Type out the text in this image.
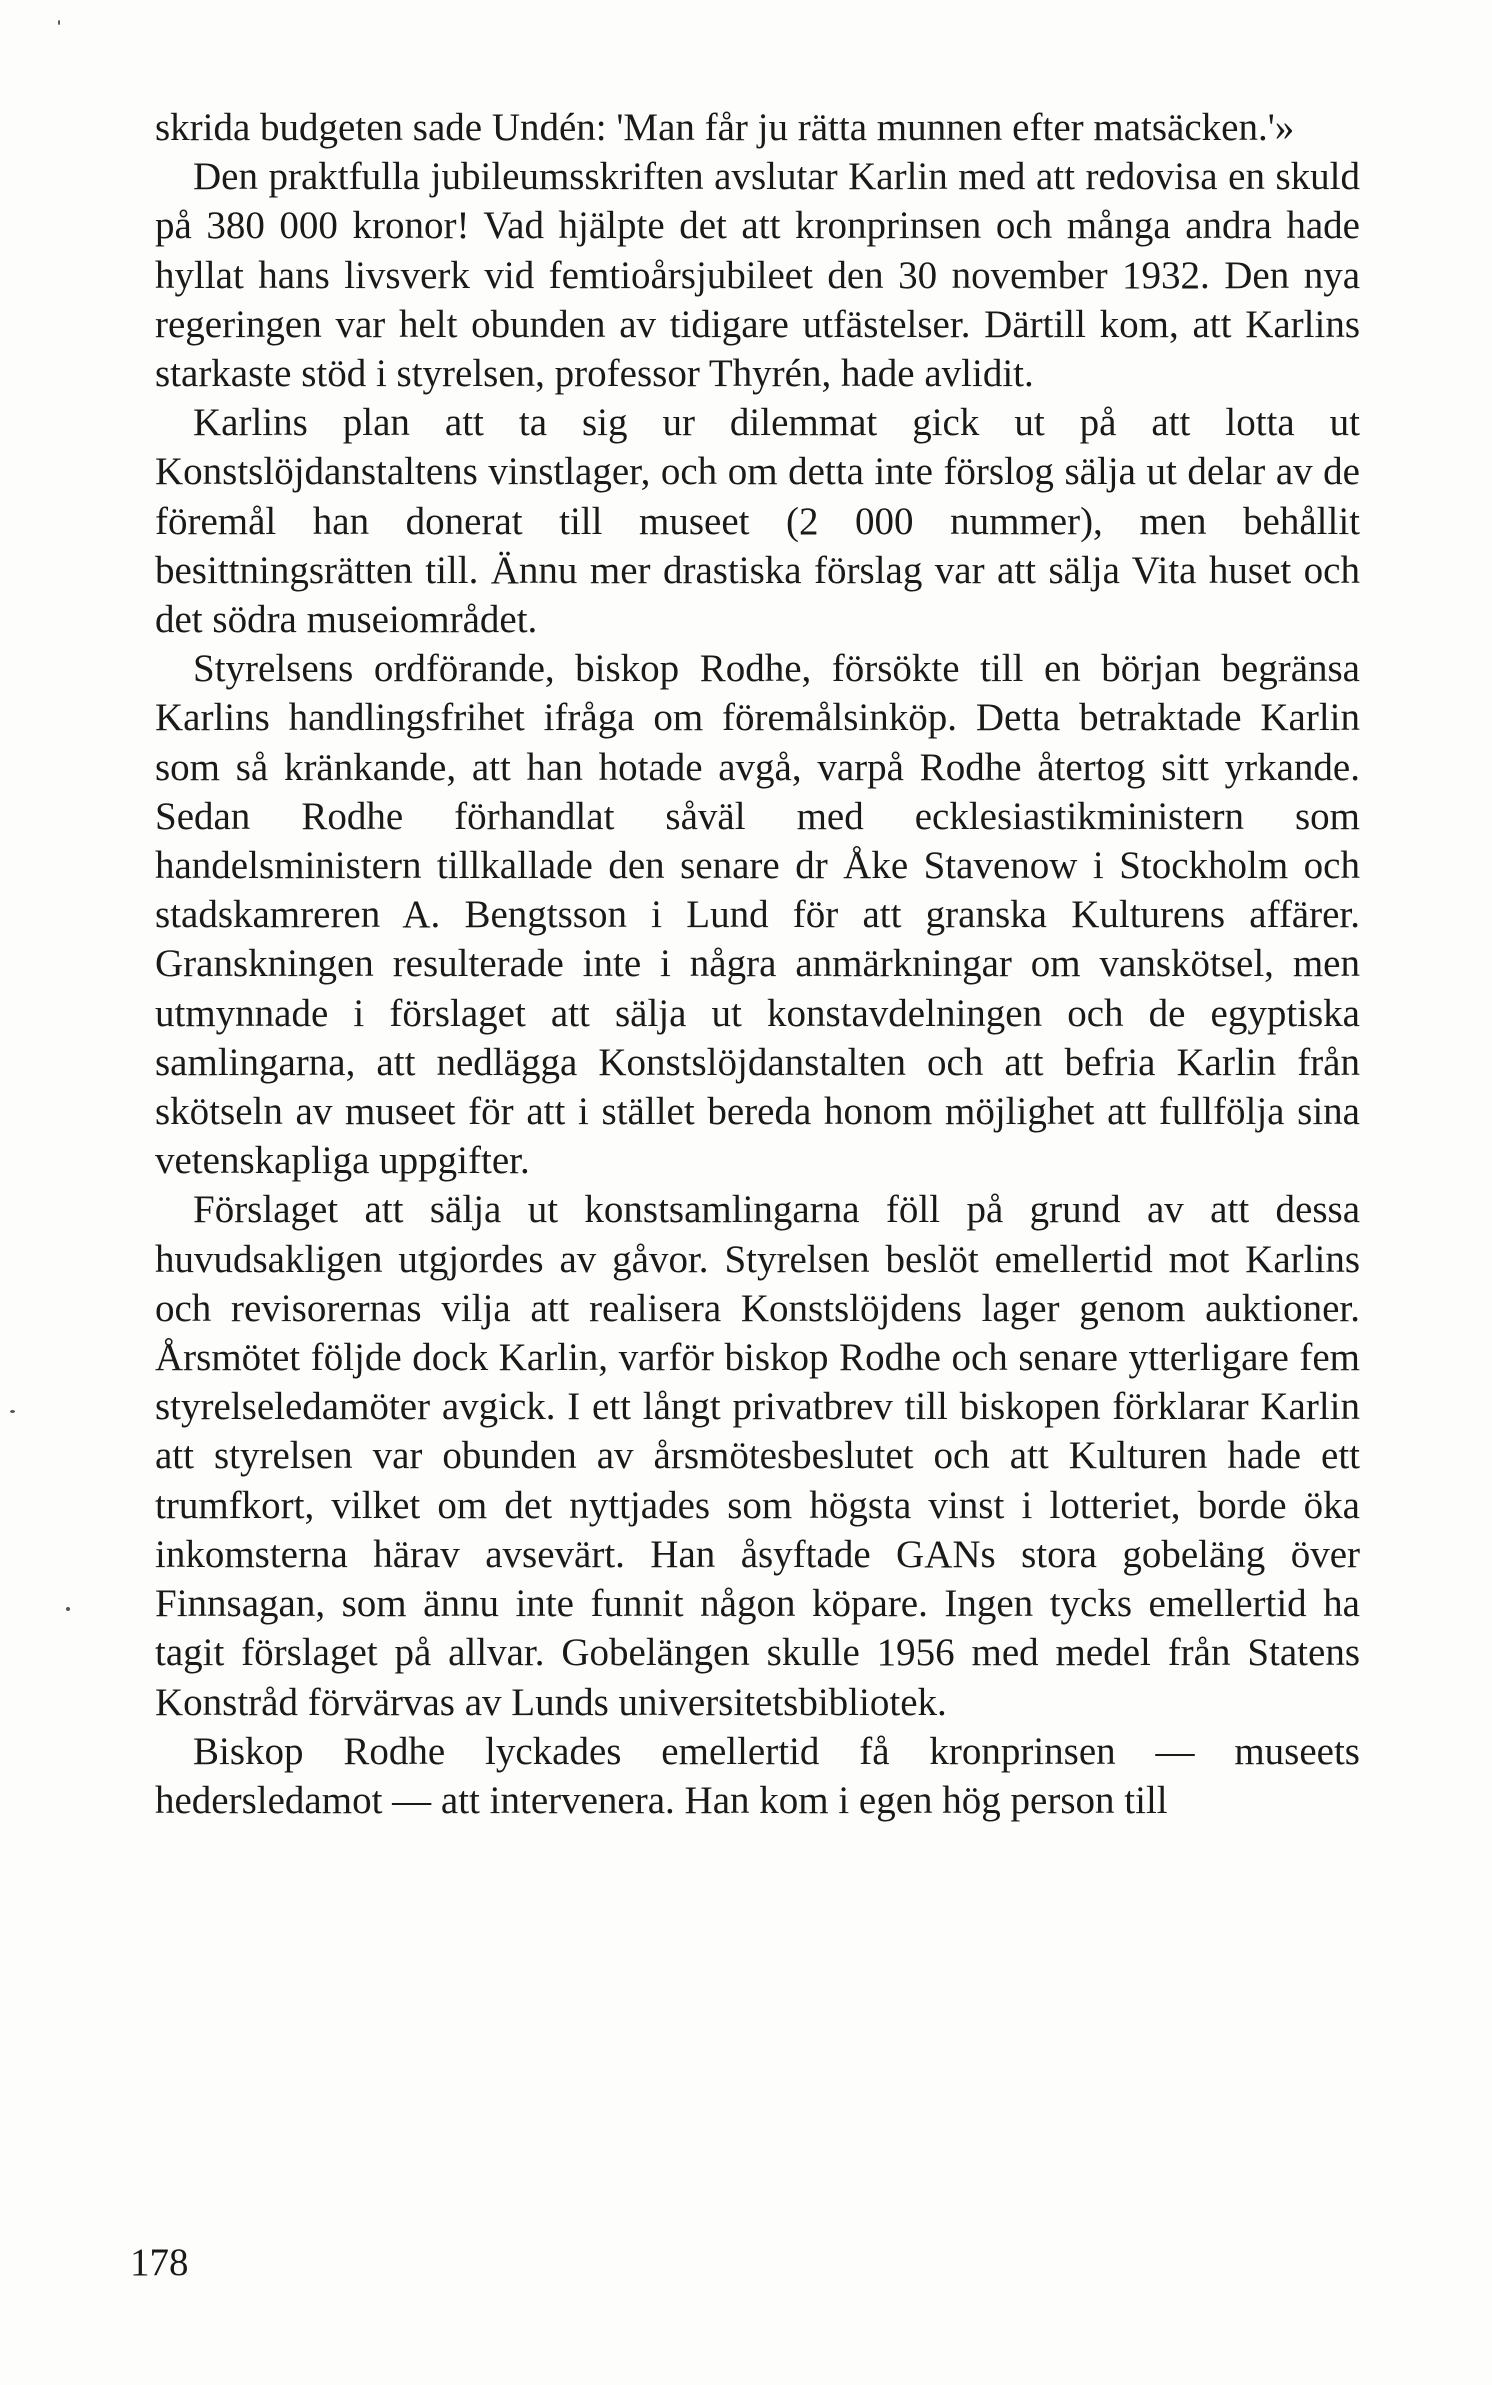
skrida budgeten sade Undén: 'Man får ju rätta munnen efter matsäcken.'»

Den praktfulla jubileumsskriften avslutar Karlin med att redovisa en skuld på 380 000 kronor! Vad hjälpte det att kronprinsen och många andra hade hyllat hans livsverk vid femtioårsjubileet den 30 november 1932. Den nya regeringen var helt obunden av tidigare utfästelser. Därtill kom, att Karlins starkaste stöd i styrelsen, professor Thyrén, hade avlidit.

Karlins plan att ta sig ur dilemmat gick ut på att lotta ut Konstslöjdanstaltens vinstlager, och om detta inte förslog sälja ut delar av de föremål han donerat till museet (2 000 nummer), men behållit besittningsrätten till. Ännu mer drastiska förslag var att sälja Vita huset och det södra museiområdet.

Styrelsens ordförande, biskop Rodhe, försökte till en början begränsa Karlins handlingsfrihet ifråga om föremålsinköp. Detta betraktade Karlin som så kränkande, att han hotade avgå, varpå Rodhe återtog sitt yrkande. Sedan Rodhe förhandlat såväl med ecklesiastikministern som handelsministern tillkallade den senare dr Åke Stavenow i Stockholm och stadskamreren A. Bengtsson i Lund för att granska Kulturens affärer. Granskningen resulterade inte i några anmärkningar om vanskötsel, men utmynnade i förslaget att sälja ut konstavdelningen och de egyptiska samlingarna, att nedlägga Konstslöjdanstalten och att befria Karlin från skötseln av museet för att i stället bereda honom möjlighet att fullfölja sina vetenskapliga uppgifter.

Förslaget att sälja ut konstsamlingarna föll på grund av att dessa huvudsakligen utgjordes av gåvor. Styrelsen beslöt emellertid mot Karlins och revisorernas vilja att realisera Konstslöjdens lager genom auktioner. Årsmötet följde dock Karlin, varför biskop Rodhe och senare ytterligare fem styrelseledamöter avgick. I ett långt privatbrev till biskopen förklarar Karlin att styrelsen var obunden av årsmötesbeslutet och att Kulturen hade ett trumfkort, vilket om det nyttjades som högsta vinst i lotteriet, borde öka inkomsterna härav avsevärt. Han åsyftade GANs stora gobeläng över Finnsagan, som ännu inte funnit någon köpare. Ingen tycks emellertid ha tagit förslaget på allvar. Gobelängen skulle 1956 med medel från Statens Konstråd förvärvas av Lunds universitetsbibliotek.

Biskop Rodhe lyckades emellertid få kronprinsen — museets hedersledamot — att intervenera. Han kom i egen hög person till

178
